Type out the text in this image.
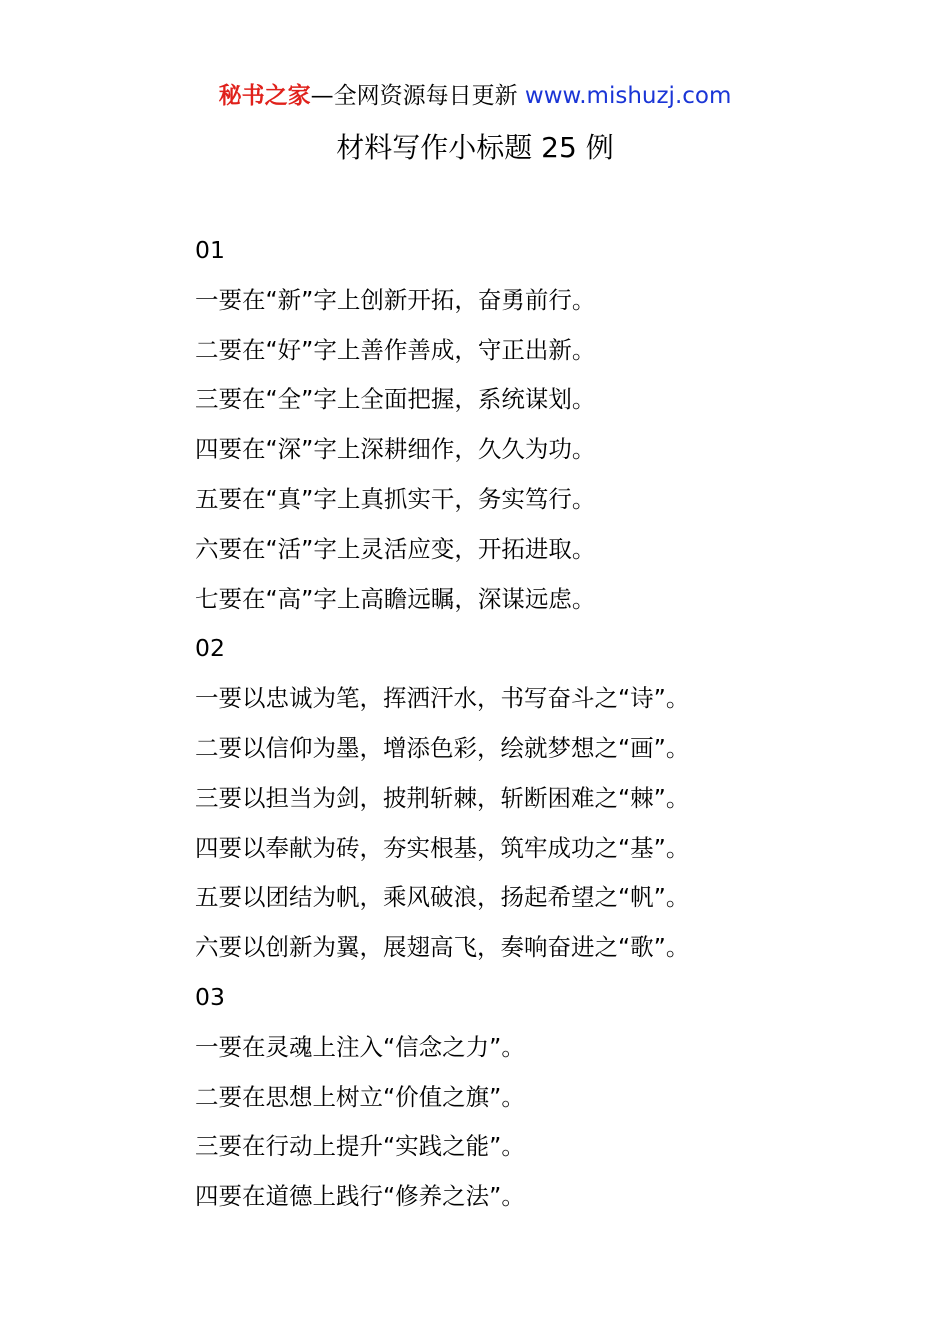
秘书之家—全网资源每日更新 www.mishuzj.com
材料写作小标题 25 例
01
一要在“新”字上创新开拓，奋勇前行。
二要在“好”字上善作善成，守正出新。
三要在“全”字上全面把握，系统谋划。
四要在“深”字上深耕细作，久久为功。
五要在“真”字上真抓实干，务实笃行。
六要在“活”字上灵活应变，开拓进取。
七要在“高”字上高瞻远瞩，深谋远虑。
02
一要以忠诚为笔，挥洒汗水，书写奋斗之“诗”。
二要以信仰为墨，增添色彩，绘就梦想之“画”。
三要以担当为剑，披荆斩棘，斩断困难之“棘”。
四要以奉献为砖，夯实根基，筑牢成功之“基”。
五要以团结为帆，乘风破浪，扬起希望之“帆”。
六要以创新为翼，展翅高飞，奏响奋进之“歌”。
03
一要在灵魂上注入“信念之力”。
二要在思想上树立“价值之旗”。
三要在行动上提升“实践之能”。
四要在道德上践行“修养之法”。
